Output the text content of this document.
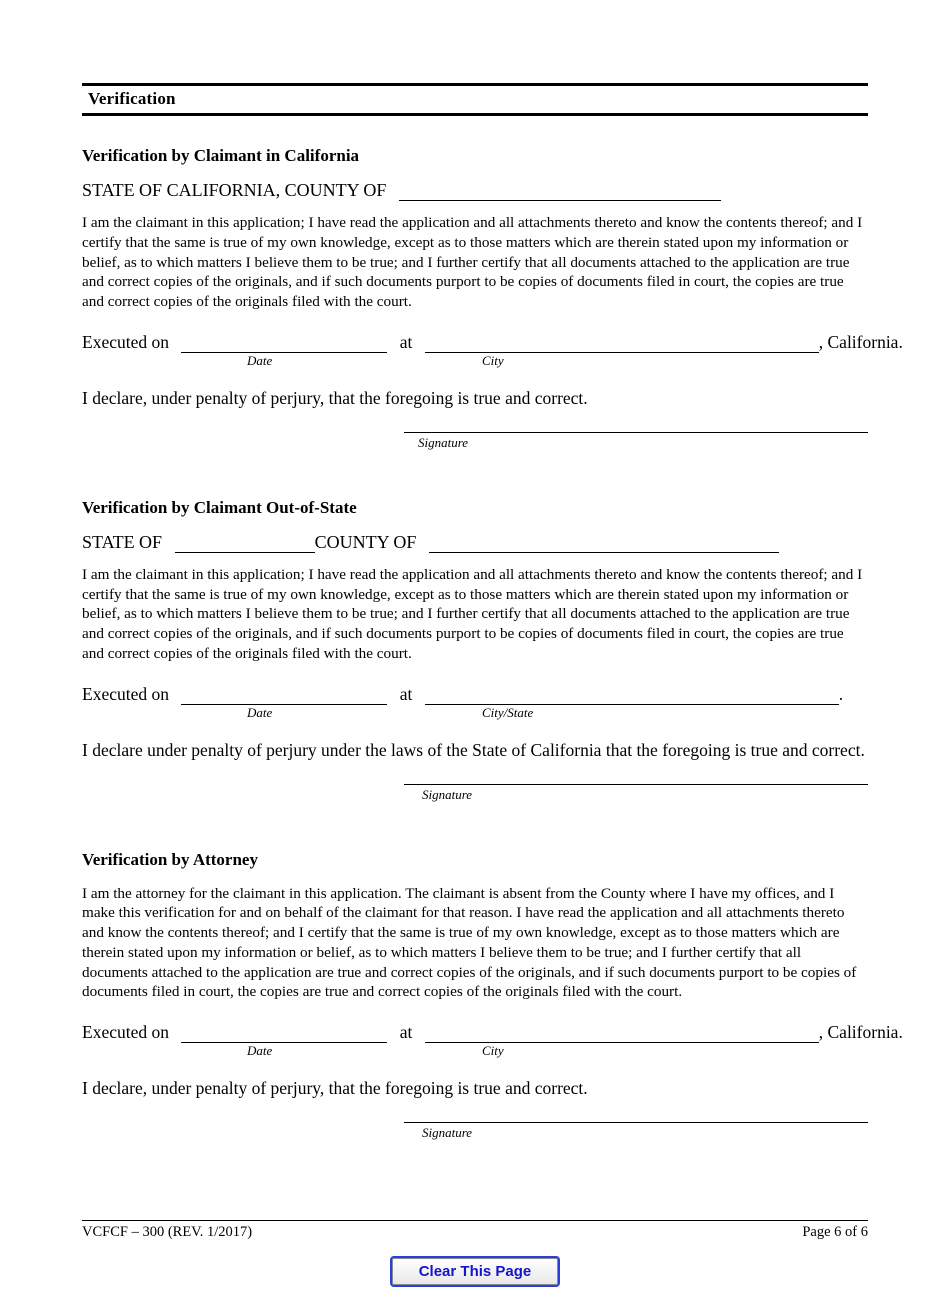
Verification
Verification by Claimant in California
STATE OF CALIFORNIA, COUNTY OF

I am the claimant in this application; I have read the application and all attachments thereto and know the contents thereof; and I certify that the same is true of my own knowledge, except as to those matters which are therein stated upon my information or belief, as to which matters I believe them to be true; and I further certify that all documents attached to the application are true and correct copies of the originals, and if such documents purport to be copies of documents filed in court, the copies are true and correct copies of the originals filed with the court.

Executed on	at	, California.
Date	City
I declare, under penalty of perjury, that the foregoing is true and correct.
Signature
Verification by Claimant Out-of-State
STATE OF	COUNTY OF

I am the claimant in this application; I have read the application and all attachments thereto and know the contents thereof; and I certify that the same is true of my own knowledge, except as to those matters which are therein stated upon my information or belief, as to which matters I believe them to be true; and I further certify that all documents attached to the application are true and correct copies of the originals, and if such documents purport to be copies of documents filed in court, the copies are true and correct copies of the originals filed with the court.

Executed on	at	.
Date	City/State
I declare under penalty of perjury under the laws of the State of California that the foregoing is true and correct.
Signature
Verification by Attorney

I am the attorney for the claimant in this application. The claimant is absent from the County where I have my offices, and I make this verification for and on behalf of the claimant for that reason. I have read the application and all attachments thereto and know the contents thereof; and I certify that the same is true of my own knowledge, except as to those matters which are therein stated upon my information or belief, as to which matters I believe them to be true; and I further certify that all documents attached to the application are true and correct copies of the originals, and if such documents purport to be copies of documents filed in court, the copies are true and correct copies of the originals filed with the court.

Executed on	at	, California.
Date	City
I declare, under penalty of perjury, that the foregoing is true and correct.
Signature
VCFCF – 300 (REV. 1/2017)	Page 6 of 6
Clear This Page
